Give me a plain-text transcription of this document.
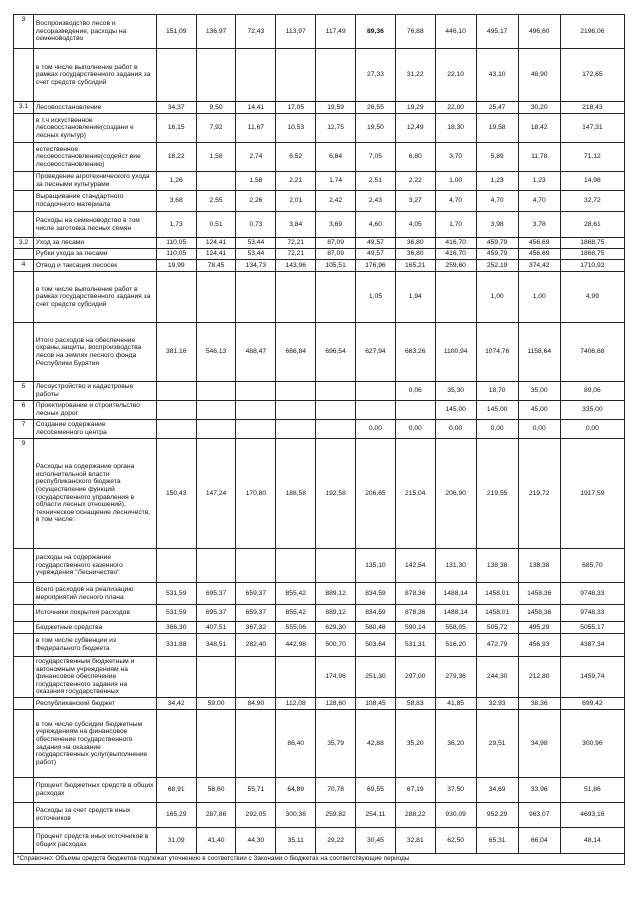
3	Воспроизводство лесов и лесоразведение, расходы на семеноводство	151,09	136,97	72,43	113,97	117,49	89,36	76,88	446,10	495,17	496,60	2196,06
	в том числе выполнение работ в рамках государственного задания за счет средств субсидий						27,33	31,22	22,10	43,10	48,90	172,65
3.1	Лесовосстановление	34,37	9,50	14,41	17,05	19,59	26,55	19,29	22,00	25,47	30,20	218,43
	в т.ч искуственное лесовосстановление(создани е лесных культур)	16,15	7,92	11,67	10,53	12,75	19,50	12,49	18,30	19,58	18,42	147,31
	естественное лесовосстановление(содейст вие лесовосстановлению)	18,22	1,58	2,74	6,52	6,84	7,05	6,80	3,70	5,89	11,78	71,12
	Проведение агротехнического ухода за лесными культурами	1,26		1,58	2,21	1,74	2,51	2,22	1,00	1,23	1,23	14,98
	Выращивание стандартного посадочного материала	3,68	2,55	2,26	2,01	2,42	2,43	3,27	4,70	4,70	4,70	32,72
	Расходы на семеноводство в том числе заготовка лесных семян	1,73	0,51	0,73	3,84	3,69	4,60	4,05	1,70	3,98	3,78	28,61
3.2	Уход за лесами	110,05	124,41	53,44	72,21	87,09	49,57	36,80	416,70	459,79	456,69	1868,75
	Рубки ухода за лесами	110,05	124,41	53,44	72,21	87,09	49,57	36,80	416,70	459,79	456,69	1868,75
4	Отвод и таксация лесосек	19,99	78,45	134,73	143,96	105,51	176,96	165,21	259,60	252,19	374,42	1710,92
	в том числе выполнение работ в рамках государственного задания за счет средств субсидий						1,05	1,94		1,00	1,00	4,99
	Итого расходов на обеспечение охраны,защиты, воспроизводства лесов на землях лесного фонда Республики Бурятия	381,16	546,13	488,47	666,84	696,54	627,94	663,26	1100,94	1074,76	1158,64	7406,68
5	Лесоустройство и кадастровые работы							0,06	35,30	18,70	35,00	89,06
6	Проектирование и строительство лесных дорог								145,00	145,00	45,00	335,00
7	Создание содержание лесосеменного центра						0,00	0,00	0,00	0,00	0,00	0,00
9	Расходы на содержание органа исполнительной власти республиканского бюджета (осуществление функций государственного управления в области лесных отношений), техническое оснащение лесничеств, в том числе:	150,43	147,24	170,80	188,58	192,58	206,65	215,04	206,90	219,55	219,72	1917,59
	расходы на содержание государственного казенного учреждения "Лесничество"						135,10	142,54	131,30	138,38	138,38	685,70
	Всего расходов на реализацию мероприятий лесного плана	531,59	695,37	659,37	855,42	889,12	834,59	878,36	1488,14	1458,01	1458,36	9748,33
	Источники покрытия расходов	531,59	695,37	659,37	855,42	889,12	834,59	878,36	1488,14	1458,01	1458,36	9748,33
	Бюджетные средства	366,30	407,51	367,32	555,06	629,30	580,48	590,14	558,05	505,72	495,29	5055,17
	в том числе субвенции из Федерального бюджета	331,88	348,51	282,40	442,98	500,70	503,64	531,31	516,20	472,79	456,93	4387,34
	государственным бюджетным и автономным учреждениям на финансовое обеспечение государственного задания на оказания государственных					174,96	251,30	297,00	279,36	244,30	212,80	1459,74
	Республиканский бюджет	34,42	59,00	84,90	112,08	128,60	108,45	58,83	41,85	32,93	38,36	699,42
	в том числе субсидии бюджетным учреждениям на финансовое обеспечение государственного задания на оказание государственных услуг(выполнение работ)				86,40	35,79	42,88	35,20	36,20	29,51	34,98	300,96
	Процент бюджетных средств в общих расходах	68,91	58,60	55,71	64,89	70,78	69,55	67,19	37,50	34,69	33,96	51,86
	Расходы за счет средств иных источников	165,29	287,86	292,05	300,36	259,82	254,11	288,22	930,09	952,29	963,07	4693,16
	Процент средств иных источников в общих расходах	31,09	41,40	44,30	35,11	29,22	30,45	32,81	62,50	65,31	66,04	48,14
*Справочно: Объемы средств бюджетов подлежат уточнению в соответствии с Законами о бюджетах на соответствующие периоды												
